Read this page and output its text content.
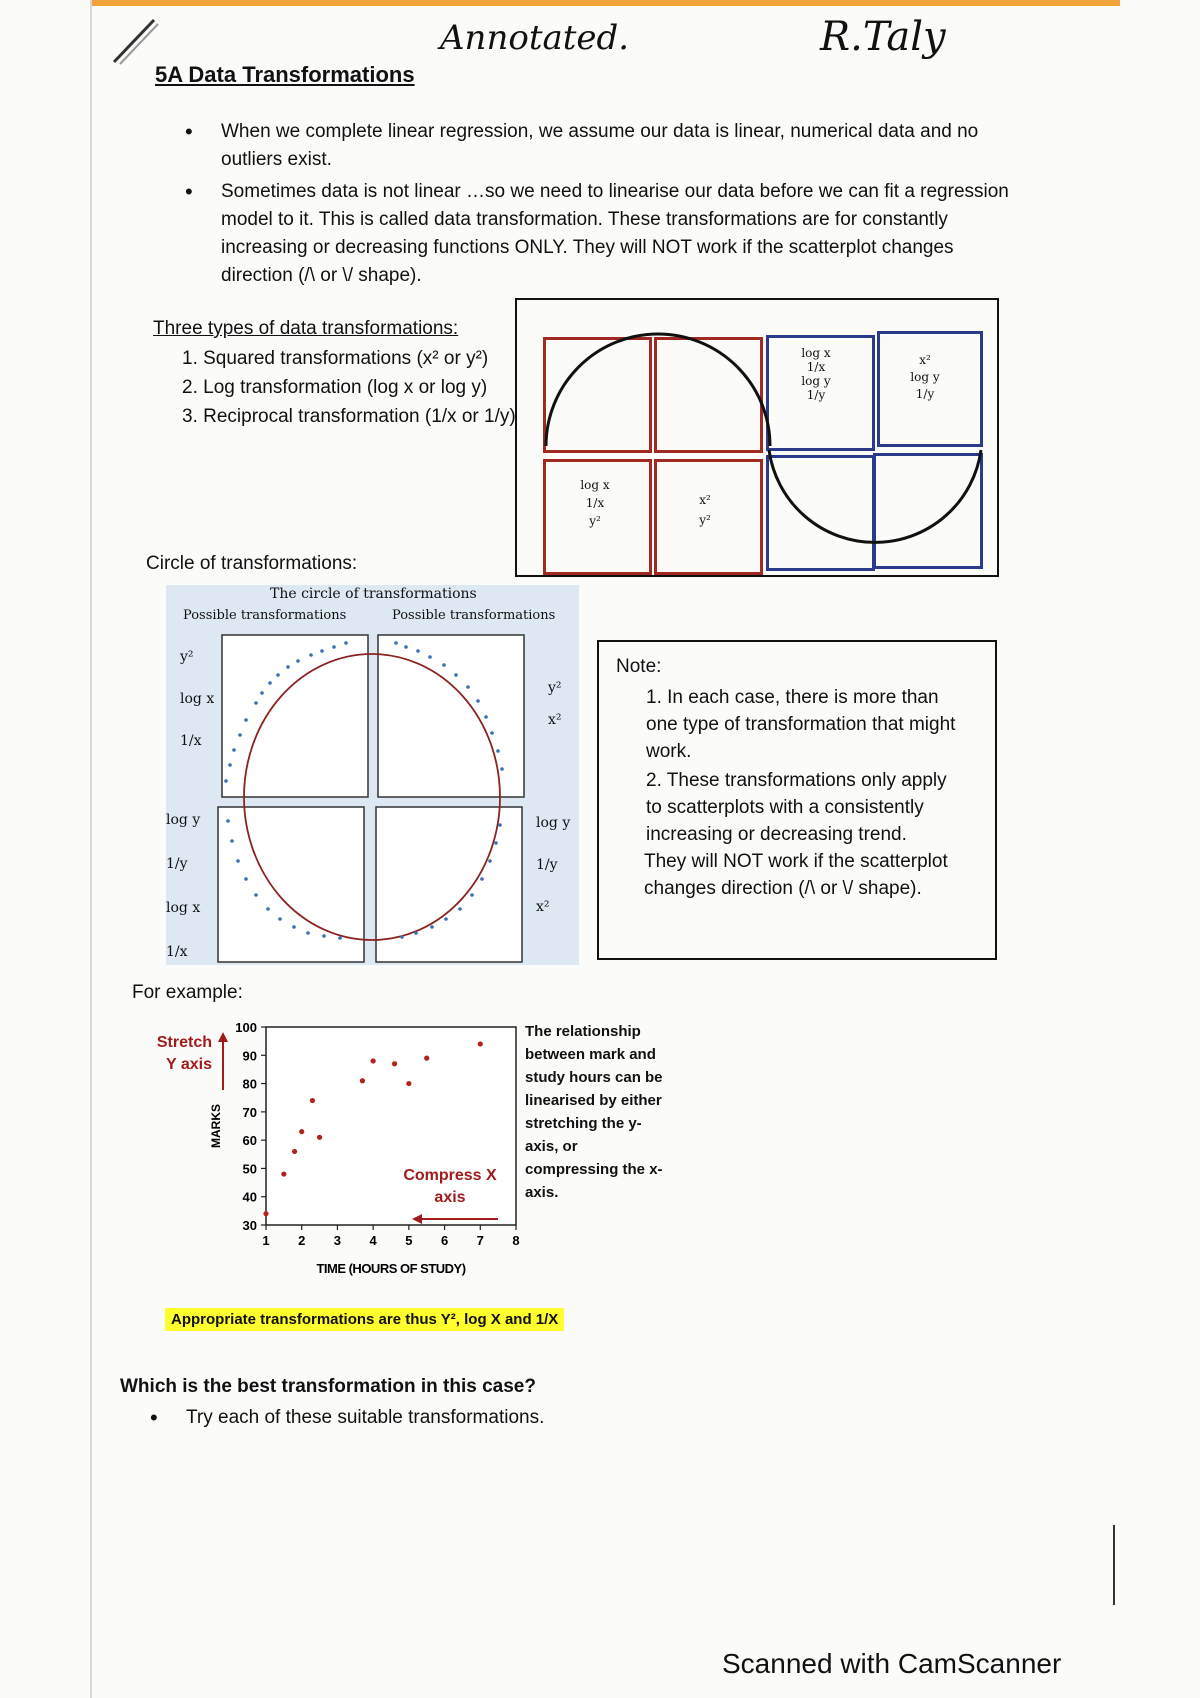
Annotated.	R.Taly
5A Data Transformations
• When we complete linear regression, we assume our data is linear, numerical data and no outliers exist.
• Sometimes data is not linear …so we need to linearise our data before we can fit a regression model to it. This is called data transformation. These transformations are for constantly increasing or decreasing functions ONLY. They will NOT work if the scatterplot changes direction (/\ or \/ shape).
Three types of data transformations:
1. Squared transformations (x² or y²)
2. Log transformation (log x or log y)
3. Reciprocal transformation (1/x or 1/y)
log x
1/x
log y
1/y
x²
log y
1/y
log x
1/x
y²
x²
y²
Circle of transformations:
The circle of transformations
Possible transformations	Possible transformations
y²
log x
1/x
log y
1/y
log x
1/x
y²
x²
log y
1/y
x²
Note:
1. In each case, there is more than one type of transformation that might work.
2. These transformations only apply to scatterplots with a consistently increasing or decreasing trend.
They will NOT work if the scatterplot changes direction (/\ or \/ shape).
For example:
Stretch Y axis
30
40
50
60
70
80
90
100
1 2 3 4 5 6 7 8
MARKS
TIME (HOURS OF STUDY)
Compress X axis
The relationship between mark and study hours can be linearised by either stretching the y-axis, or compressing the x-axis.
Appropriate transformations are thus Y², log X and 1/X
Which is the best transformation in this case?
• Try each of these suitable transformations.
Scanned with CamScanner
